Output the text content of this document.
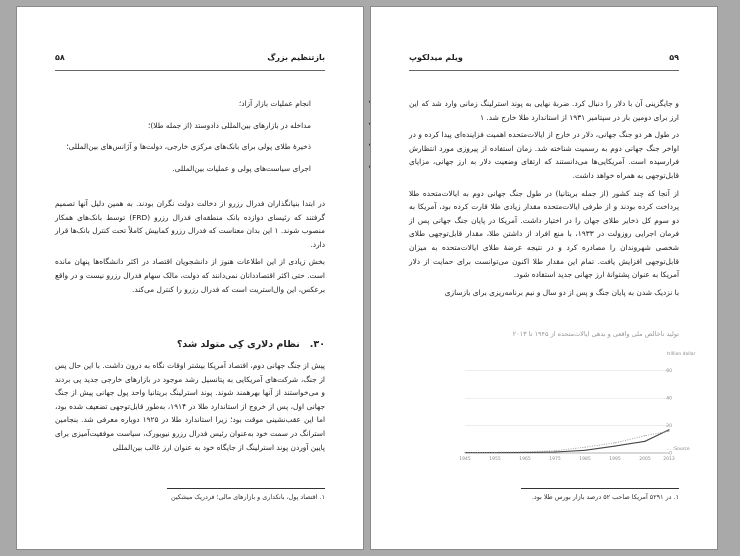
بازتنظیم بزرگ
۵۸
• انجام عملیات بازار آزاد؛
• مداخله در بازارهای بین‌المللی داد‌وستد (از جمله طلا)؛
• ذخیرهٔ طلای پولی برای بانک‌های مرکزی خارجی، دولت‌ها و آژانس‌های بین‌المللی؛
• اجرای سیاست‌های پولی و عملیات بین‌المللی.

در ابتدا بنیانگذاران فدرال رزرو از دخالت دولت نگران بودند. به همین دلیل آنها تصمیم گرفتند که رئیسای دوازده بانک منطقه‌ای فدرال رزرو (FRD) توسط بانک‌های همکار منصوب شوند. ۱ این بدان معناست که فدرال رزرو کمابیش کاملاً تحت کنترل بانک‌ها قرار دارد.

بخش زیادی از این اطلاعات هنوز از دانشجویان اقتصاد در اکثر دانشگاه‌ها پنهان مانده است. حتی اکثر اقتصاددانان نمی‌دانند که دولت، مالک سهام فدرال رزرو نیست و در واقع برعکس، این وال‌استریت است که فدرال رزرو را کنترل می‌کند.

۳۰.
نظام دلاری کِی متولد شد؟

پیش از جنگ جهانی دوم، اقتصاد آمریکا بیشتر اوقات نگاه به درون داشت. با این حال پس از جنگ، شرکت‌های آمریکایی به پتانسیل رشد موجود در بازارهای خارجی جدید پی بردند و می‌خواستند از آنها بهرهمند شوند. پوند استرلینگ بریتانیا واحد پول جهانی پیش از جنگ جهانی اول، پس از خروج از استاندارد طلا در ۱۹۱۴، به‌طور قابل‌توجهی تضعیف شده بود، اما این عقب‌نشینی موقت بود؛ زیرا استاندارد طلا در ۱۹۲۵ دوباره معرفی شد. بنجامین استرانگ در سمت خود به‌عنوان رئیس فدرال رزرو نیویورک، سیاست موفقیت‌آمیزی برای پایین آوردن پوند استرلینگ از جایگاه خود به عنوان ارز غالب بین‌المللی

۱. اقتصاد پول، بانکداری و بازارهای مالی؛ فردریک میشکین
۵۹
ویلم میدلکوپ

و جایگزینی آن با دلار را دنبال کرد. ضربهٔ نهایی به پوند استرلینگ زمانی وارد شد که این ارز برای دومین بار در سپتامبر ۱۹۳۱ از استاندارد طلا خارج شد. ۱

در طول هر دو جنگ جهانی، دلار در خارج از ایالات‌متحده اهمیت فزاینده‌ای پیدا کرده و در اواخر جنگ جهانی دوم به رسمیت شناخته شد. زمان استفاده از پیروزی مورد انتظارش فرارسیده است. آمریکایی‌ها می‌دانستند که ارتقای وضعیت دلار به ارز جهانی، مزایای قابل‌توجهی به همراه خواهد داشت.

از آنجا که چند کشور (از جمله بریتانیا) در طول جنگ جهانی دوم به ایالات‌متحده طلا پرداخت کرده بودند و از طرفی ایالات‌متحده مقدار زیادی طلا قارت کرده بود، آمریکا به دو سوم کل ذخایر طلای جهان را در اختیار داشت. آمریکا در پایان جنگ جهانی پس از فرمان اجرایی روزولت در ۱۹۳۳، با منع افراد از داشتن طلا، مقدار قابل‌توجهی طلای شخصی شهروندان را مصادره کرد و در نتیجه عرضهٔ طلای ایالات‌متحده به میزان قابل‌توجهی افزایش یافت. تمام این مقدار طلا اکنون می‌توانست برای حمایت از دلار آمریکا به عنوان پشتوانهٔ ارز جهانی جدید استفاده شود.

با نزدیک شدن به پایان جنگ و پس از دو سال و نیم برنامه‌ریزی برای بازسازی

تولید ناخالص ملی واقعی و بدهی ایالات‌متحده از ۱۹۴۵ تا ۲۰۱۳
0
20
40
60
1945	1955	1965	1975	1985	1995	2005	2013
trillion dollar
Source: ...
۱. در ۵۲۹۱ آمریکا صاحب ۵۲ درصد بازار بورس طلا بود.
